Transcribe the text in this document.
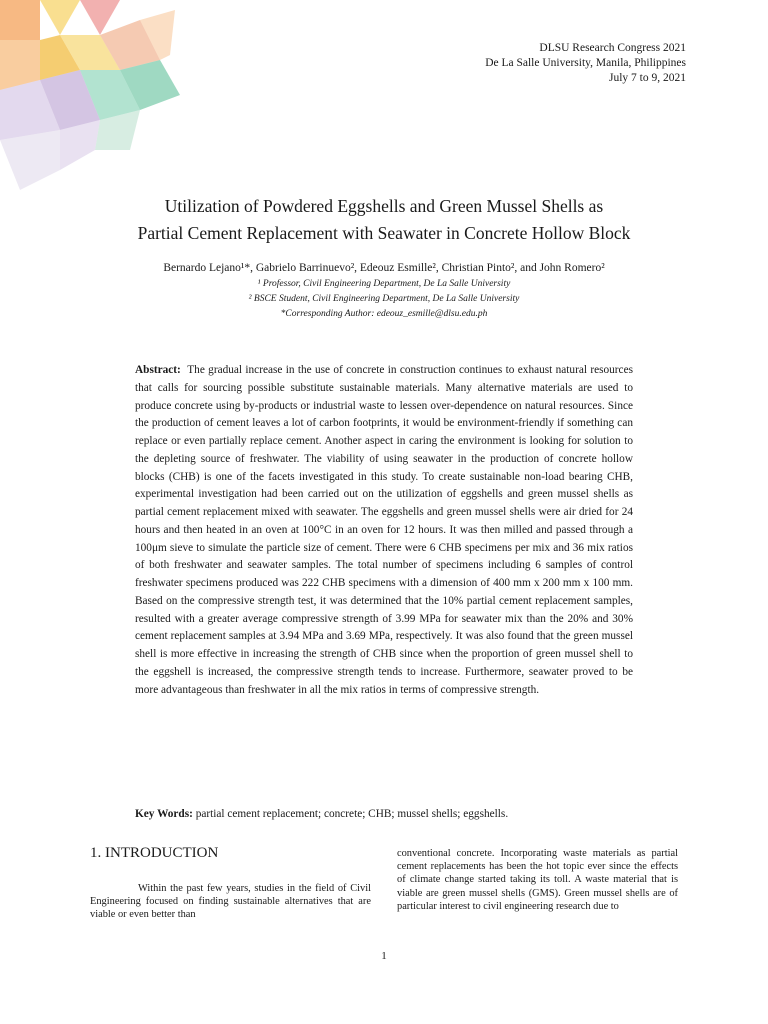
DLSU Research Congress 2021
De La Salle University, Manila, Philippines
July 7 to 9, 2021
Utilization of Powdered Eggshells and Green Mussel Shells as
Partial Cement Replacement with Seawater in Concrete Hollow Block
Bernardo Lejano¹*, Gabrielo Barrinuevo², Edeouz Esmille², Christian Pinto², and John Romero²
¹ Professor, Civil Engineering Department, De La Salle University
² BSCE Student, Civil Engineering Department, De La Salle University
*Corresponding Author: edeouz_esmille@dlsu.edu.ph

Abstract: The gradual increase in the use of concrete in construction continues to exhaust natural resources that calls for sourcing possible substitute sustainable materials. Many alternative materials are used to produce concrete using by-products or industrial waste to lessen over-dependence on natural resources. Since the production of cement leaves a lot of carbon footprints, it would be environment-friendly if something can replace or even partially replace cement. Another aspect in caring the environment is looking for solution to the depleting source of freshwater. The viability of using seawater in the production of concrete hollow blocks (CHB) is one of the facets investigated in this study. To create sustainable non-load bearing CHB, experimental investigation had been carried out on the utilization of eggshells and green mussel shells as partial cement replacement mixed with seawater. The eggshells and green mussel shells were air dried for 24 hours and then heated in an oven at 100°C in an oven for 12 hours. It was then milled and passed through a 100μm sieve to simulate the particle size of cement. There were 6 CHB specimens per mix and 36 mix ratios of both freshwater and seawater samples. The total number of specimens including 6 samples of control freshwater specimens produced was 222 CHB specimens with a dimension of 400 mm x 200 mm x 100 mm. Based on the compressive strength test, it was determined that the 10% partial cement replacement samples, resulted with a greater average compressive strength of 3.99 MPa for seawater mix than the 20% and 30% cement replacement samples at 3.94 MPa and 3.69 MPa, respectively. It was also found that the green mussel shell is more effective in increasing the strength of CHB since when the proportion of green mussel shell to the eggshell is increased, the compressive strength tends to increase. Furthermore, seawater proved to be more advantageous than freshwater in all the mix ratios in terms of compressive strength.

Key Words: partial cement replacement; concrete; CHB; mussel shells; eggshells.

1. INTRODUCTION

Within the past few years, studies in the field of Civil Engineering focused on finding sustainable alternatives that are viable or even better than

conventional concrete. Incorporating waste materials as partial cement replacements has been the hot topic ever since the effects of climate change started taking its toll. A waste material that is viable are green mussel shells (GMS). Green mussel shells are of particular interest to civil engineering research due to

1
